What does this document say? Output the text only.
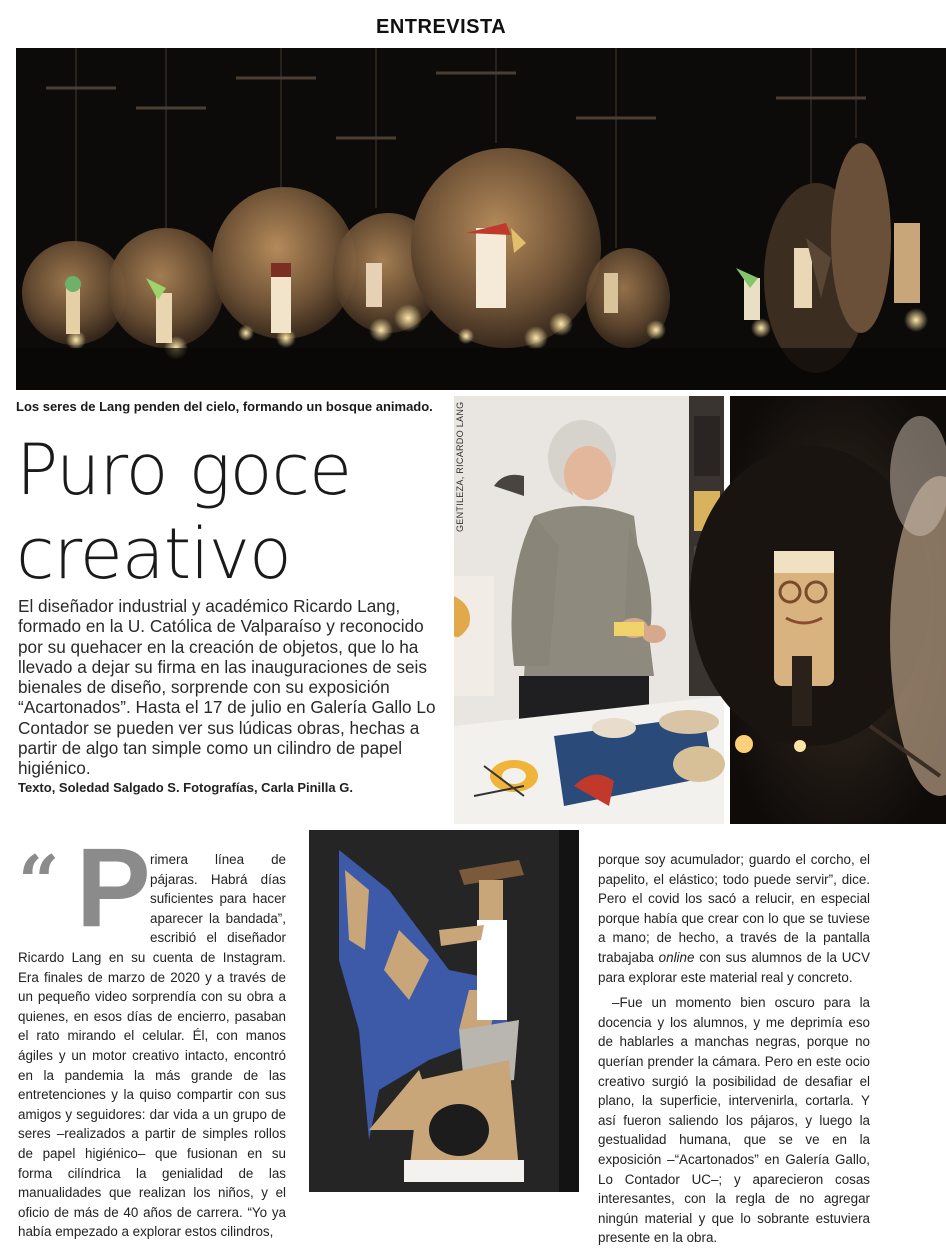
ENTREVISTA
Los seres de Lang penden del cielo, formando un bosque animado. GENTILEZA, RICARDO LANG
Puro goce
creativo
El diseñador industrial y académico Ricardo Lang, formado en la U. Católica de Valparaíso y reconocido por su quehacer en la creación de objetos, que lo ha llevado a dejar su firma en las inauguraciones de seis bienales de diseño, sorprende con su exposición “Acartonados”. Hasta el 17 de julio en Galería Gallo Lo Contador se pueden ver sus lúdicas obras, hechas a partir de algo tan simple como un cilindro de papel higiénico.
Texto, Soledad Salgado S. Fotografías, Carla Pinilla G.
“ P rimera línea de pájaras. Habrá días suficientes para hacer aparecer la bandada”, escribió el diseñador Ricardo Lang en su cuenta de Instagram. Era finales de marzo de 2020 y a través de un pequeño video sorprendía con su obra a quienes, en esos días de encierro, pasaban el rato mirando el celular. Él, con manos ágiles y un motor creativo intacto, encontró en la pandemia la más grande de las entretenciones y la quiso compartir con sus amigos y seguidores: dar vida a un grupo de seres –realizados a partir de simples rollos de papel higiénico– que fusionan en su forma cilíndrica la genialidad de las manualidades que realizan los niños, y el oficio de más de 40 años de carrera. “Yo ya había empezado a explorar estos cilindros,

porque soy acumulador; guardo el corcho, el papelito, el elástico; todo puede servir”, dice. Pero el covid los sacó a relucir, en especial porque había que crear con lo que se tuviese a mano; de hecho, a través de la pantalla trabajaba online con sus alumnos de la UCV para explorar este material real y concreto.

–Fue un momento bien oscuro para la docencia y los alumnos, y me deprimía eso de hablarles a manchas negras, porque no querían prender la cámara. Pero en este ocio creativo surgió la posibilidad de desafiar el plano, la superficie, intervenirla, cortarla. Y así fueron saliendo los pájaros, y luego la gestualidad humana, que se ve en la exposición –“Acartonados” en Galería Gallo, Lo Contador UC–; y aparecieron cosas interesantes, con la regla de no agregar ningún material y que lo sobrante estuviera presente en la obra.
